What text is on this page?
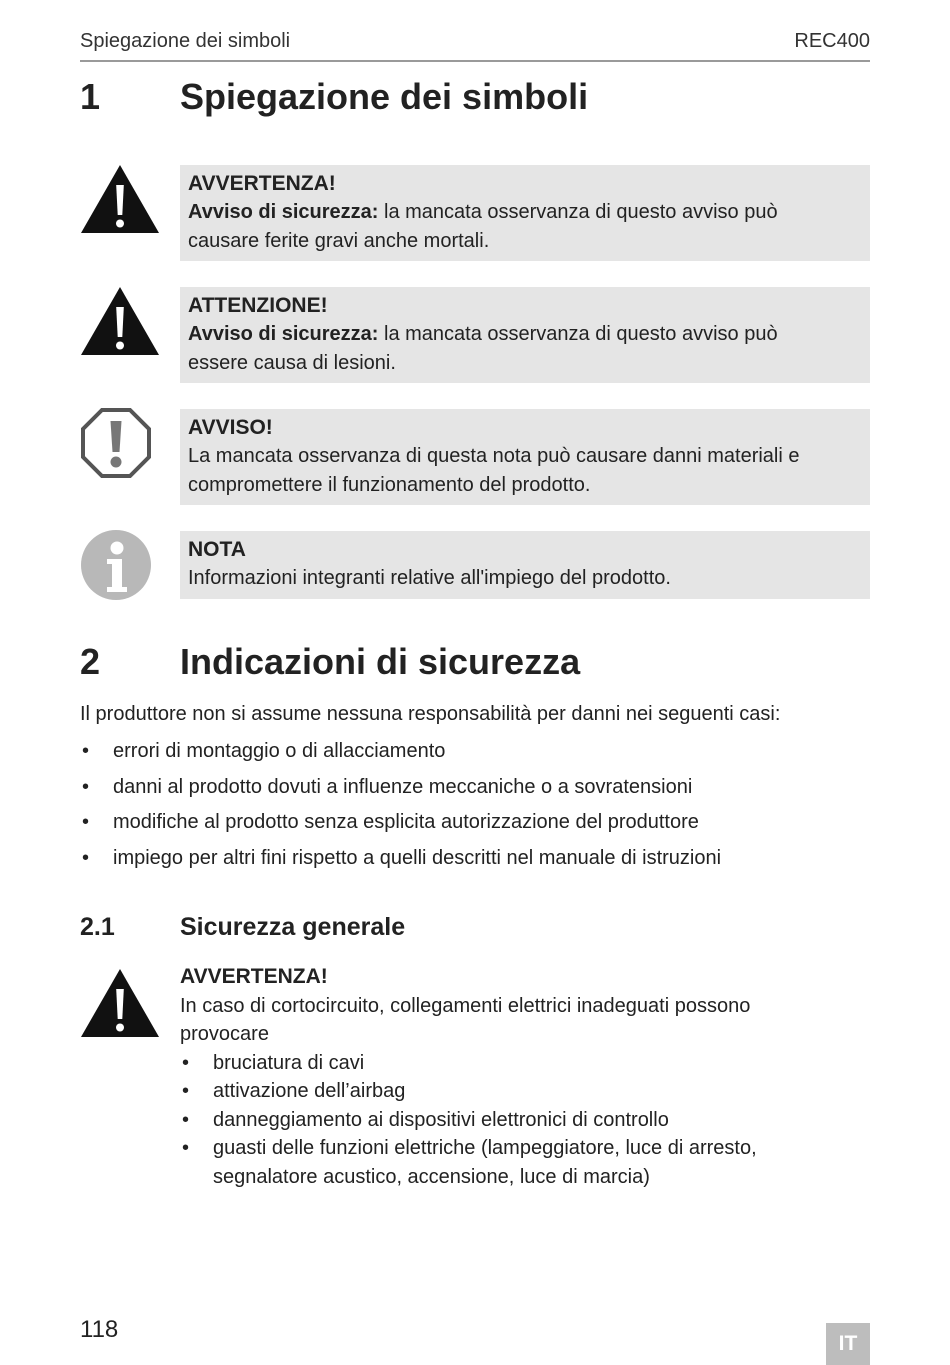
Spiegazione dei simboli	REC400
1 Spiegazione dei simboli
AVVERTENZA!
Avviso di sicurezza: la mancata osservanza di questo avviso può
causare ferite gravi anche mortali.
ATTENZIONE!
Avviso di sicurezza: la mancata osservanza di questo avviso può
essere causa di lesioni.
AVVISO!
La mancata osservanza di questa nota può causare danni materiali e
compromettere il funzionamento del prodotto.
NOTA
Informazioni integranti relative all'impiego del prodotto.
2 Indicazioni di sicurezza
Il produttore non si assume nessuna responsabilità per danni nei seguenti casi:
• errori di montaggio o di allacciamento
• danni al prodotto dovuti a influenze meccaniche o a sovratensioni
• modifiche al prodotto senza esplicita autorizzazione del produttore
• impiego per altri fini rispetto a quelli descritti nel manuale di istruzioni
2.1	Sicurezza generale
AVVERTENZA!
In caso di cortocircuito, collegamenti elettrici inadeguati possono
provocare
• bruciatura di cavi
• attivazione dell’airbag
• danneggiamento ai dispositivi elettronici di controllo
• guasti delle funzioni elettriche (lampeggiatore, luce di arresto,
segnalatore acustico, accensione, luce di marcia)
118
IT
